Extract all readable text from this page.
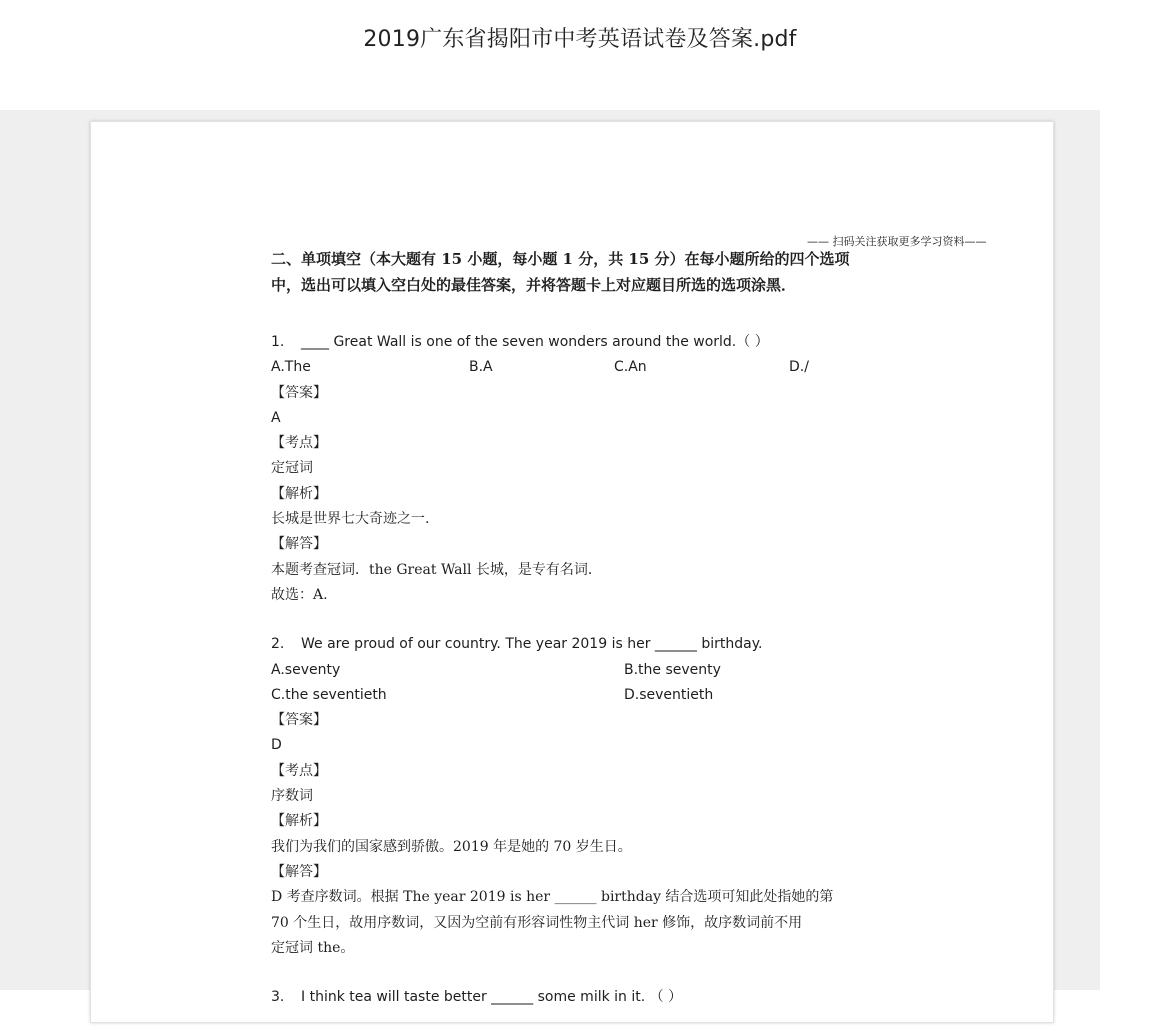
2019广东省揭阳市中考英语试卷及答案.pdf
—— 扫码关注获取更多学习资料——
二、单项填空（本大题有 15 小题，每小题 1 分，共 15 分）在每小题所给的四个选项
中，选出可以填入空白处的最佳答案，并将答题卡上对应题目所选的选项涂黑．
1. ____ Great Wall is one of the seven wonders around the world.（ ）
A.The	B.A	C.An	D./
【答案】
A
【考点】
定冠词
【解析】
长城是世界七大奇迹之一.
【解答】
本题考查冠词．the Great Wall 长城，是专有名词．
故选：A.
2. We are proud of our country. The year 2019 is her ______ birthday.
A.seventy	B.the seventy
C.the seventieth	D.seventieth
【答案】
D
【考点】
序数词
【解析】
我们为我们的国家感到骄傲。2019 年是她的 70 岁生日。
【解答】
D 考查序数词。根据 The year 2019 is her ______ birthday 结合选项可知此处指她的第
70 个生日，故用序数词，又因为空前有形容词性物主代词 her 修饰，故序数词前不用
定冠词 the。
3. I think tea will taste better ______ some milk in it. （ ）
